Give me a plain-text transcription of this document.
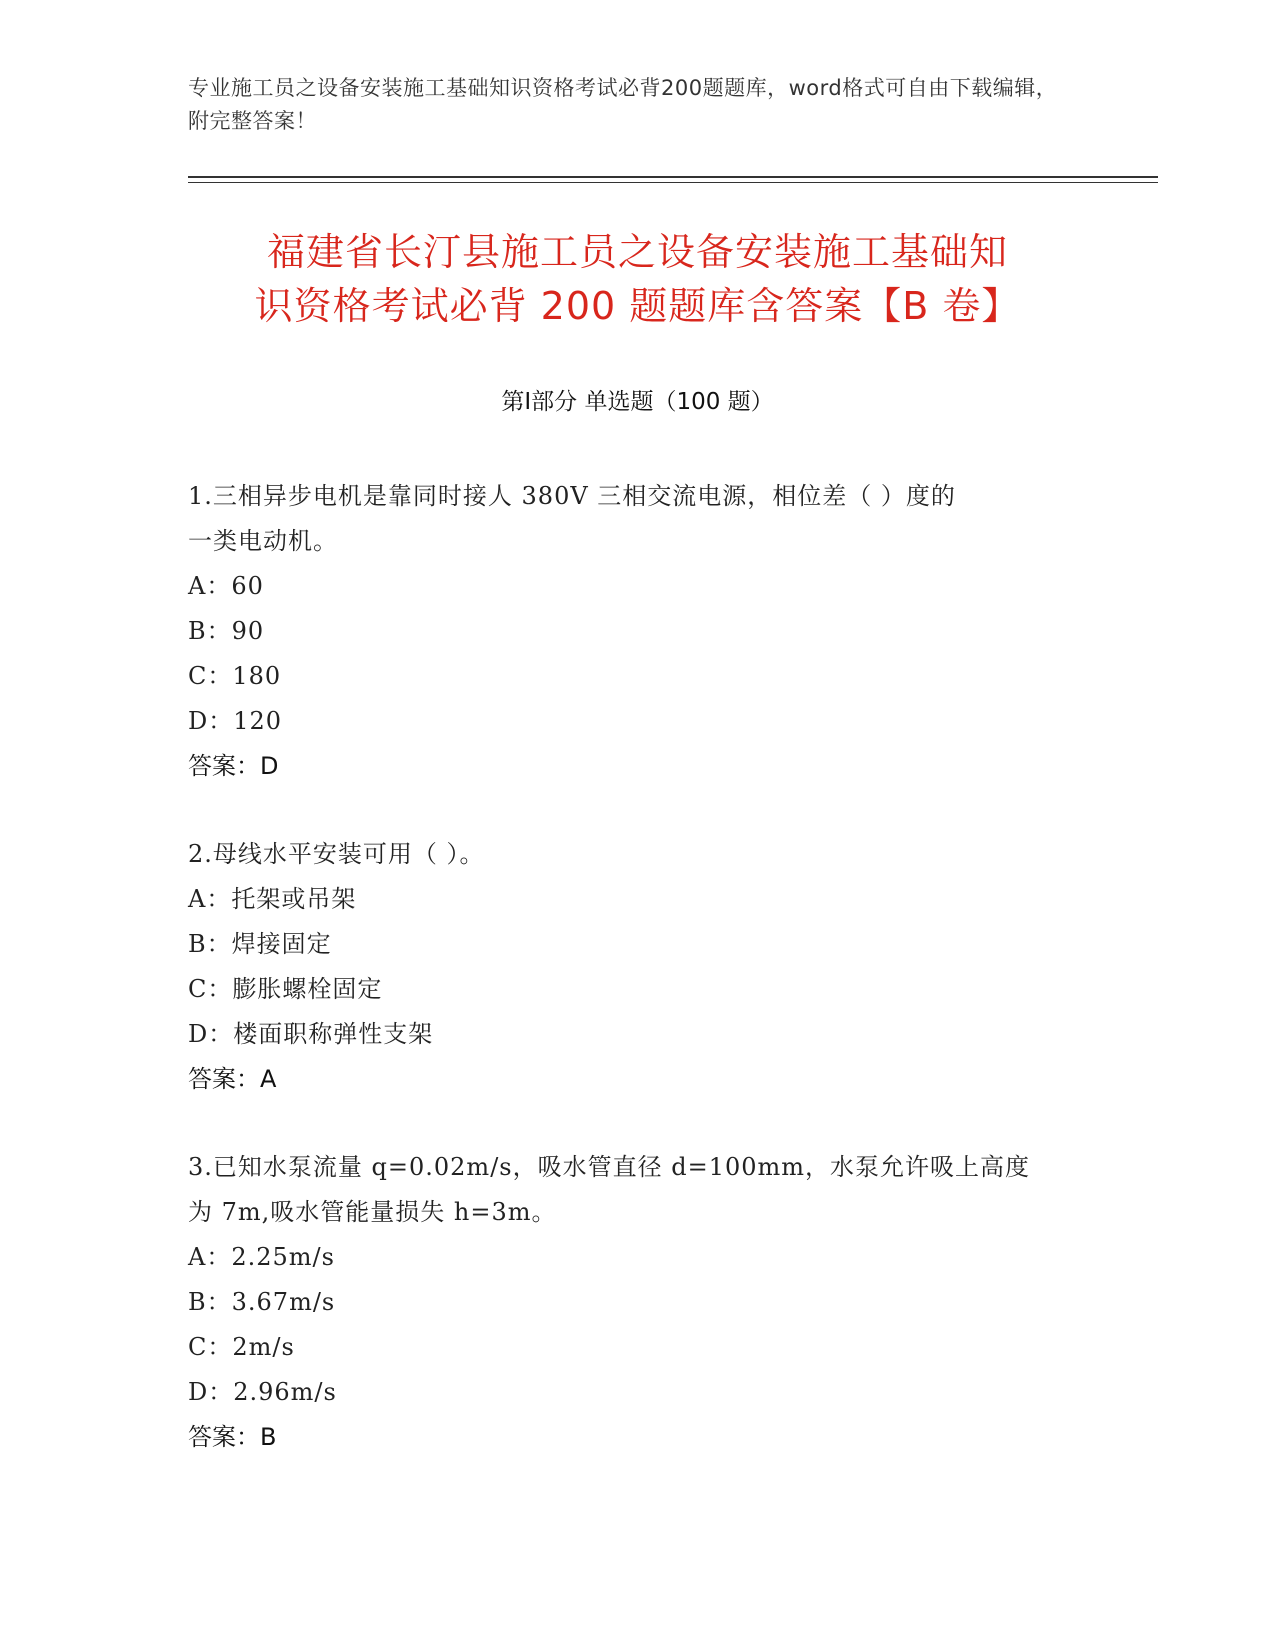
专业施工员之设备安装施工基础知识资格考试必背200题题库，word格式可自由下载编辑，附完整答案！
福建省长汀县施工员之设备安装施工基础知
识资格考试必背 200 题题库含答案【B 卷】
第Ⅰ部分 单选题（100 题）
1.三相异步电机是靠同时接人 380V 三相交流电源，相位差（ ）度的
一类电动机。
A：60
B：90
C：180
D：120
答案：D
2.母线水平安装可用（ ）。
A：托架或吊架
B：焊接固定
C：膨胀螺栓固定
D：楼面职称弹性支架
答案：A
3.已知水泵流量 q=0.02m/s，吸水管直径 d=100mm，水泵允许吸上高度
为 7m,吸水管能量损失 h=3m。
A：2.25m/s
B：3.67m/s
C：2m/s
D：2.96m/s
答案：B
